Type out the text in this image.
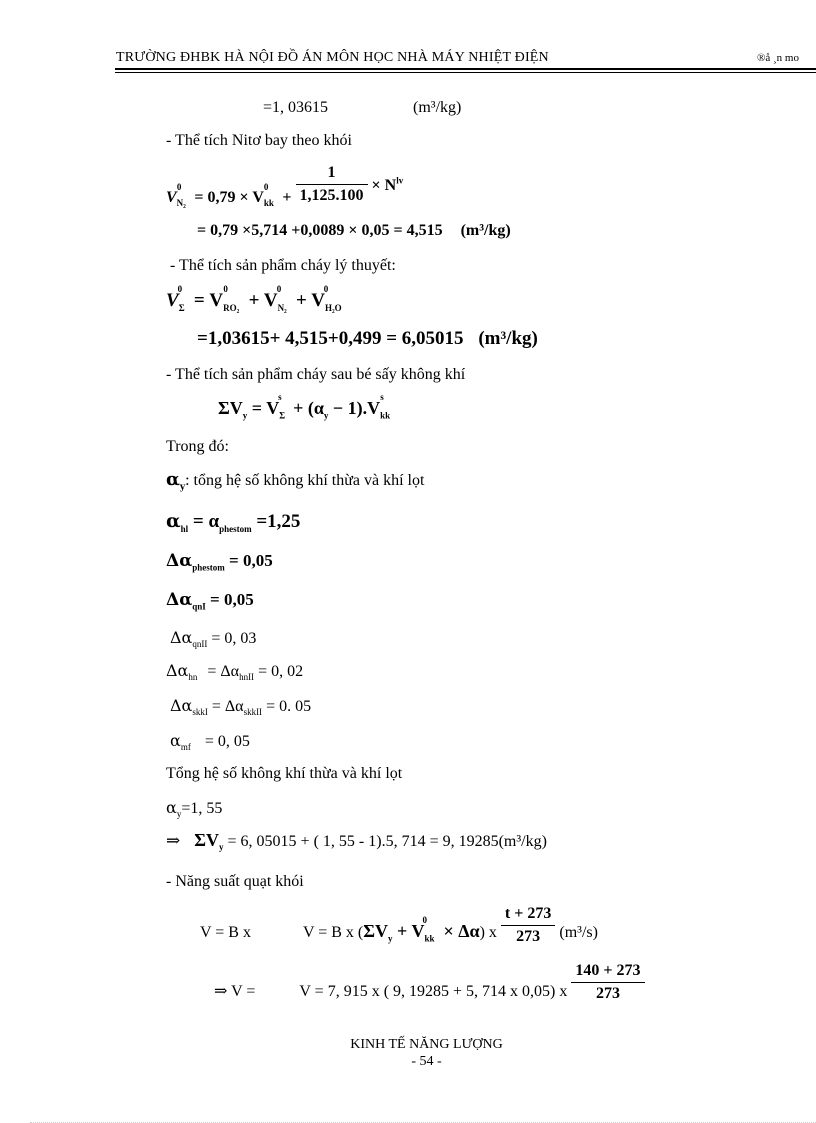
TRƯỜNG ĐHBK HÀ NỘI ĐỒ ÁN MÔN HỌC NHÀ MÁY NHIỆT ĐIỆN	®å ¸n mo
=1, 03615	(m³/kg)
- Thể tích Nitơ bay theo khói
$V_{N_2}^0 = 0,79 \times V_{kk}^0 + \frac{1}{1,125.100} \times N^{lv}$
= 0,79 ×5,714 +0,0089 × 0,05 = 4,515 (m³/kg)
- Thể tích sản phẩm cháy lý thuyết:
$V_\Sigma^0 = V_{RO_2}^0 + V_{N_2}^0 + V_{H_2O}^0$
=1,03615+ 4,515+0,499 = 6,05015 (m³/kg)
- Thể tích sản phẩm cháy sau bé sấy không khí
$\Sigma V_y = V_\Sigma^s + (\alpha_y - 1).V_{kk}^s$
Trong đó:
$\alpha_y$: tổng hệ số không khí thừa và khí lọt
$\alpha_{hl} = \alpha_{phestom} =1,25$
$\Delta\alpha_{phestom} = 0,05$
$\Delta\alpha_{qnI} = 0,05$
$\Delta\alpha_{qnII} = 0$, 03
$\Delta\alpha_{hn} = \Delta\alpha_{hnII} = 0$, 02
$\Delta\alpha_{skkI} = \Delta\alpha_{skkII} = 0$. 05
$\alpha_{mf} = 0$, 05
Tổng hệ số không khí thừa và khí lọt
$\alpha_y=1$, 55
⇒ $\Sigma V_y = 6$, 05015 + ( 1, 55 - 1).5, 714 = 9, 19285(m³/kg)
- Năng suất quạt khói
V = B x	V = B x $(\Sigma V_y + V_{kk}^0 \times \Delta\alpha)$ x $\frac{t + 273}{273} (m^3/s)$
⇒ V =	V = 7, 915 x ( 9, 19285 + 5, 714 x 0,05) x $\frac{140 + 273}{273}$
KINH TẾ NĂNG LƯỢNG
- 54 -
